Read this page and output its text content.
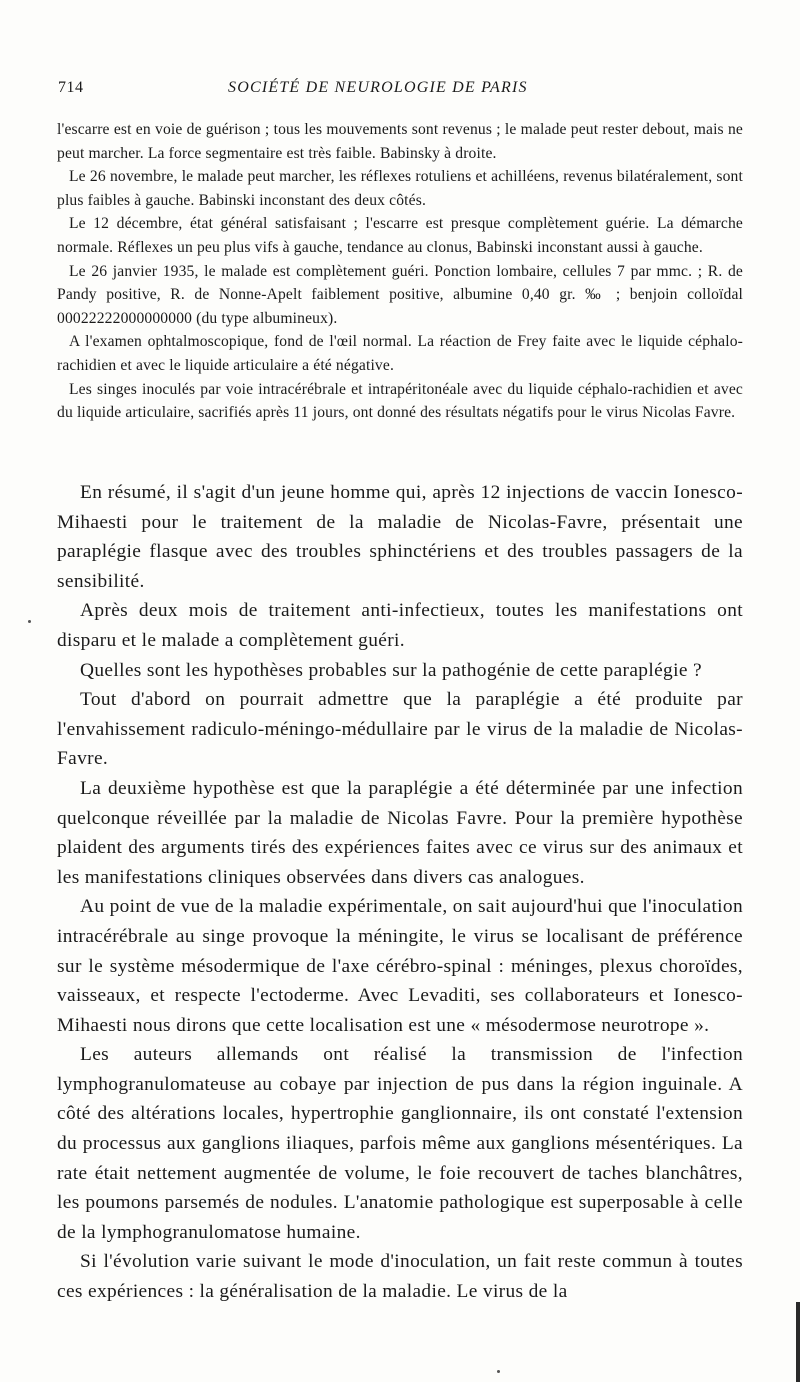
714	SOCIÉTÉ DE NEUROLOGIE DE PARIS

l'escarre est en voie de guérison ; tous les mouvements sont revenus ; le malade peut rester debout, mais ne peut marcher. La force segmentaire est très faible. Babinsky à droite.

Le 26 novembre, le malade peut marcher, les réflexes rotuliens et achilléens, revenus bilatéralement, sont plus faibles à gauche. Babinski inconstant des deux côtés.

Le 12 décembre, état général satisfaisant ; l'escarre est presque complètement guérie. La démarche normale. Réflexes un peu plus vifs à gauche, tendance au clonus, Babinski inconstant aussi à gauche.

Le 26 janvier 1935, le malade est complètement guéri. Ponction lombaire, cellules 7 par mmc. ; R. de Pandy positive, R. de Nonne-Apelt faiblement positive, albumine 0,40 gr. ‰ ; benjoin colloïdal 00022222000000000 (du type albumineux).

A l'examen ophtalmoscopique, fond de l'œil normal. La réaction de Frey faite avec le liquide céphalo-rachidien et avec le liquide articulaire a été négative.

Les singes inoculés par voie intracérébrale et intrapéritonéale avec du liquide céphalo-rachidien et avec du liquide articulaire, sacrifiés après 11 jours, ont donné des résultats négatifs pour le virus Nicolas Favre.

En résumé, il s'agit d'un jeune homme qui, après 12 injections de vaccin Ionesco-Mihaesti pour le traitement de la maladie de Nicolas-Favre, présentait une paraplégie flasque avec des troubles sphinctériens et des troubles passagers de la sensibilité.

Après deux mois de traitement anti-infectieux, toutes les manifestations ont disparu et le malade a complètement guéri.

Quelles sont les hypothèses probables sur la pathogénie de cette paraplégie ?

Tout d'abord on pourrait admettre que la paraplégie a été produite par l'envahissement radiculo-méningo-médullaire par le virus de la maladie de Nicolas-Favre.

La deuxième hypothèse est que la paraplégie a été déterminée par une infection quelconque réveillée par la maladie de Nicolas Favre. Pour la première hypothèse plaident des arguments tirés des expériences faites avec ce virus sur des animaux et les manifestations cliniques observées dans divers cas analogues.

Au point de vue de la maladie expérimentale, on sait aujourd'hui que l'inoculation intracérébrale au singe provoque la méningite, le virus se localisant de préférence sur le système mésodermique de l'axe cérébro-spinal : méninges, plexus choroïdes, vaisseaux, et respecte l'ectoderme. Avec Levaditi, ses collaborateurs et Ionesco-Mihaesti nous dirons que cette localisation est une « mésodermose neurotrope ».

Les auteurs allemands ont réalisé la transmission de l'infection lymphogranulomateuse au cobaye par injection de pus dans la région inguinale. A côté des altérations locales, hypertrophie ganglionnaire, ils ont constaté l'extension du processus aux ganglions iliaques, parfois même aux ganglions mésentériques. La rate était nettement augmentée de volume, le foie recouvert de taches blanchâtres, les poumons parsemés de nodules. L'anatomie pathologique est superposable à celle de la lymphogranulomatose humaine.

Si l'évolution varie suivant le mode d'inoculation, un fait reste commun à toutes ces expériences : la généralisation de la maladie. Le virus de la
